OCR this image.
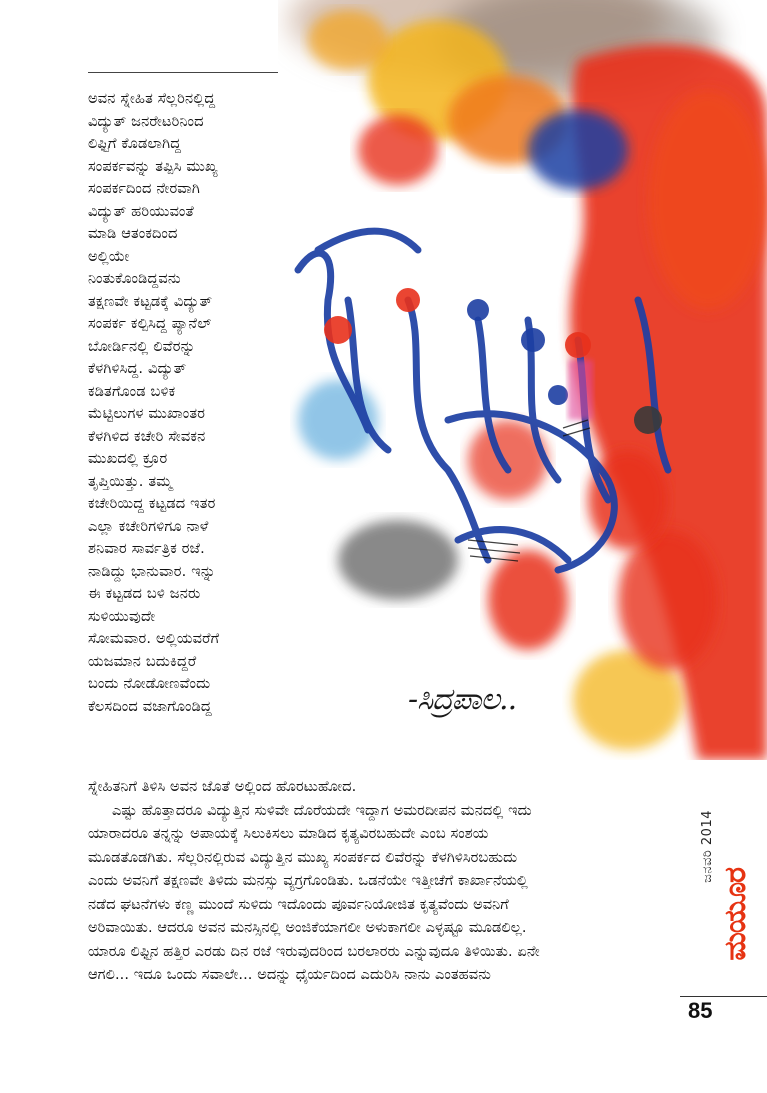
ಅವನ ಸ್ನೇಹಿತ ಸೆಲ್ಲರಿನಲ್ಲಿದ್ದ
ವಿದ್ಯುತ್ ಜನರೇಟರಿನಿಂದ
ಲಿಫ್ಟಿಗೆ ಕೊಡಲಾಗಿದ್ದ
ಸಂಪರ್ಕವನ್ನು ತಪ್ಪಿಸಿ ಮುಖ್ಯ
ಸಂಪರ್ಕದಿಂದ ನೇರವಾಗಿ
ವಿದ್ಯುತ್ ಹರಿಯುವಂತೆ
ಮಾಡಿ ಆತಂಕದಿಂದ
ಅಲ್ಲಿಯೇ
ನಿಂತುಕೊಂಡಿದ್ದವನು
ತಕ್ಷಣವೇ ಕಟ್ಟಡಕ್ಕೆ ವಿದ್ಯುತ್
ಸಂಪರ್ಕ ಕಲ್ಪಿಸಿದ್ದ ಪ್ಯಾನೆಲ್
ಬೋರ್ಡಿನಲ್ಲಿ ಲಿವೆರನ್ನು
ಕೆಳಗಿಳಿಸಿದ್ದ. ವಿದ್ಯುತ್
ಕಡಿತಗೊಂಡ ಬಳಿಕ
ಮೆಟ್ಟಿಲುಗಳ ಮುಖಾಂತರ
ಕೆಳಗಿಳಿದ ಕಚೇರಿ ಸೇವಕನ
ಮುಖದಲ್ಲಿ ಕ್ರೂರ
ತೃಪ್ತಿಯಿತ್ತು. ತಮ್ಮ
ಕಚೇರಿಯಿದ್ದ ಕಟ್ಟಡದ ಇತರ
ಎಲ್ಲಾ ಕಚೇರಿಗಳಿಗೂ ನಾಳೆ
ಶನಿವಾರ ಸಾರ್ವತ್ರಿಕ ರಜೆ.
ನಾಡಿದ್ದು ಭಾನುವಾರ. ಇನ್ನು
ಈ ಕಟ್ಟಡದ ಬಳಿ ಜನರು
ಸುಳಿಯುವುದೇ
ಸೋಮವಾರ. ಅಲ್ಲಿಯವರೆಗೆ
ಯಜಮಾನ ಬದುಕಿದ್ದರೆ
ಬಂದು ನೋಡೋಣವೆಂದು
ಕೆಲಸದಿಂದ ವಜಾಗೊಂಡಿದ್ದ	-ಸಿದ್ರಪಾಲ..
ಸ್ನೇಹಿತನಿಗೆ ತಿಳಿಸಿ ಅವನ ಜೊತೆ ಅಲ್ಲಿಂದ ಹೊರಟುಹೋದ.
ಎಷ್ಟು ಹೊತ್ತಾದರೂ ವಿದ್ಯುತ್ತಿನ ಸುಳಿವೇ ದೊರೆಯದೇ ಇದ್ದಾಗ ಅಮರದೀಪನ ಮನದಲ್ಲಿ ಇದು
ಯಾರಾದರೂ ತನ್ನನ್ನು ಅಪಾಯಕ್ಕೆ ಸಿಲುಕಿಸಲು ಮಾಡಿದ ಕೃತ್ಯವಿರಬಹುದೇ ಎಂಬ ಸಂಶಯ
ಮೂಡತೊಡಗಿತು. ಸೆಲ್ಲರಿನಲ್ಲಿರುವ ವಿದ್ಯುತ್ತಿನ ಮುಖ್ಯ ಸಂಪರ್ಕದ ಲಿವೆರನ್ನು ಕೆಳಗಿಳಿಸಿರಬಹುದು
ಎಂದು ಅವನಿಗೆ ತಕ್ಷಣವೇ ತಿಳಿದು ಮನಸ್ಸು ವ್ಯಗ್ರಗೊಂಡಿತು. ಒಡನೆಯೇ ಇತ್ತೀಚೆಗೆ ಕಾರ್ಖಾನೆಯಲ್ಲಿ
ನಡೆದ ಘಟನೆಗಳು ಕಣ್ಣ ಮುಂದೆ ಸುಳಿದು ಇದೊಂದು ಪೂರ್ವನಿಯೋಜಿತ ಕೃತ್ಯವೆಂದು ಅವನಿಗೆ
ಅರಿವಾಯಿತು. ಆದರೂ ಅವನ ಮನಸ್ಸಿನಲ್ಲಿ ಅಂಜಿಕೆಯಾಗಲೀ ಅಳುಕಾಗಲೀ ಎಳ್ಳಷ್ಟೂ ಮೂಡಲಿಲ್ಲ.
ಯಾರೂ ಲಿಫ್ಟಿನ ಹತ್ತಿರ ಎರಡು ದಿನ ರಜೆ ಇರುವುದರಿಂದ ಬರಲಾರರು ಎನ್ನುವುದೂ ತಿಳಿಯಿತು. ಏನೇ
ಆಗಲಿ... ಇದೂ ಒಂದು ಸವಾಲೇ... ಅದನ್ನು ಧೈರ್ಯದಿಂದ ಎದುರಿಸಿ ನಾನು ಎಂತಹವನು
ಜನವರಿ 2014
ಮಯೂರ
85
